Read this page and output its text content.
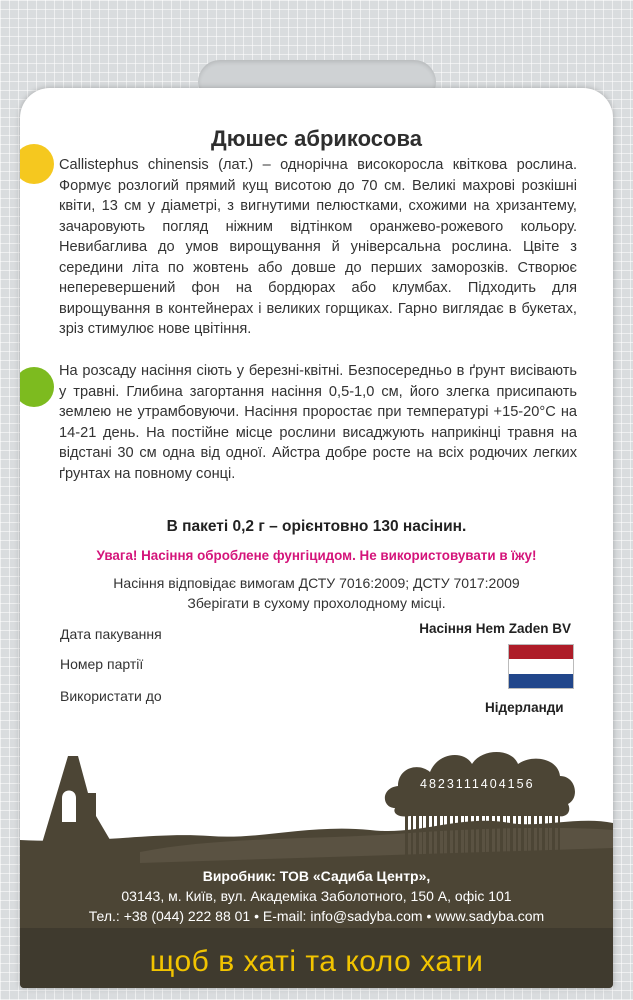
Дюшес абрикосова

Callistephus chinensis (лат.) – однорічна високоросла квіткова рослина. Формує розлогий прямий кущ висотою до 70 см. Великі махрові розкішні квіти, 13 см у діаметрі, з вигнутими пелюстками, схожими на хризантему, зачаровують погляд ніжним відтінком оранжево-рожевого кольору. Невибаглива до умов вирощування й універсальна рослина. Цвіте з середини літа по жовтень або довше до перших заморозків. Створює неперевершений фон на бордюрах або клумбах. Підходить для вирощування в контейнерах і великих горщиках. Гарно виглядає в букетах, зріз стимулює нове цвітіння.

На розсаду насіння сіють у березні-квітні. Безпосередньо в ґрунт висівають у травні. Глибина загортання насіння 0,5-1,0 см, його злегка присипають землею не утрамбовуючи. Насіння проростає при температурі +15-20°С на 14-21 день. На постійне місце рослини висаджують наприкінці травня на відстані 30 см одна від одної. Айстра добре росте на всіх родючих легких ґрунтах на повному сонці.

В пакеті 0,2 г – орієнтовно 130 насінин.
Увага! Насіння оброблене фунгіцидом. Не використовувати в їжу!
Насіння відповідає вимогам ДСТУ 7016:2009; ДСТУ 7017:2009
Зберігати в сухому прохолодному місці.
Дата пакування
Номер партії
Використати до
Насіння Hem Zaden BV
Нідерланди
4823111404156
Виробник: ТОВ «Садиба Центр»,
03143, м. Київ, вул. Академіка Заболотного, 150 А, офіс 101
Тел.: +38 (044) 222 88 01 • E-mail: info@sadyba.com • www.sadyba.com
щоб в хаті та коло хати
